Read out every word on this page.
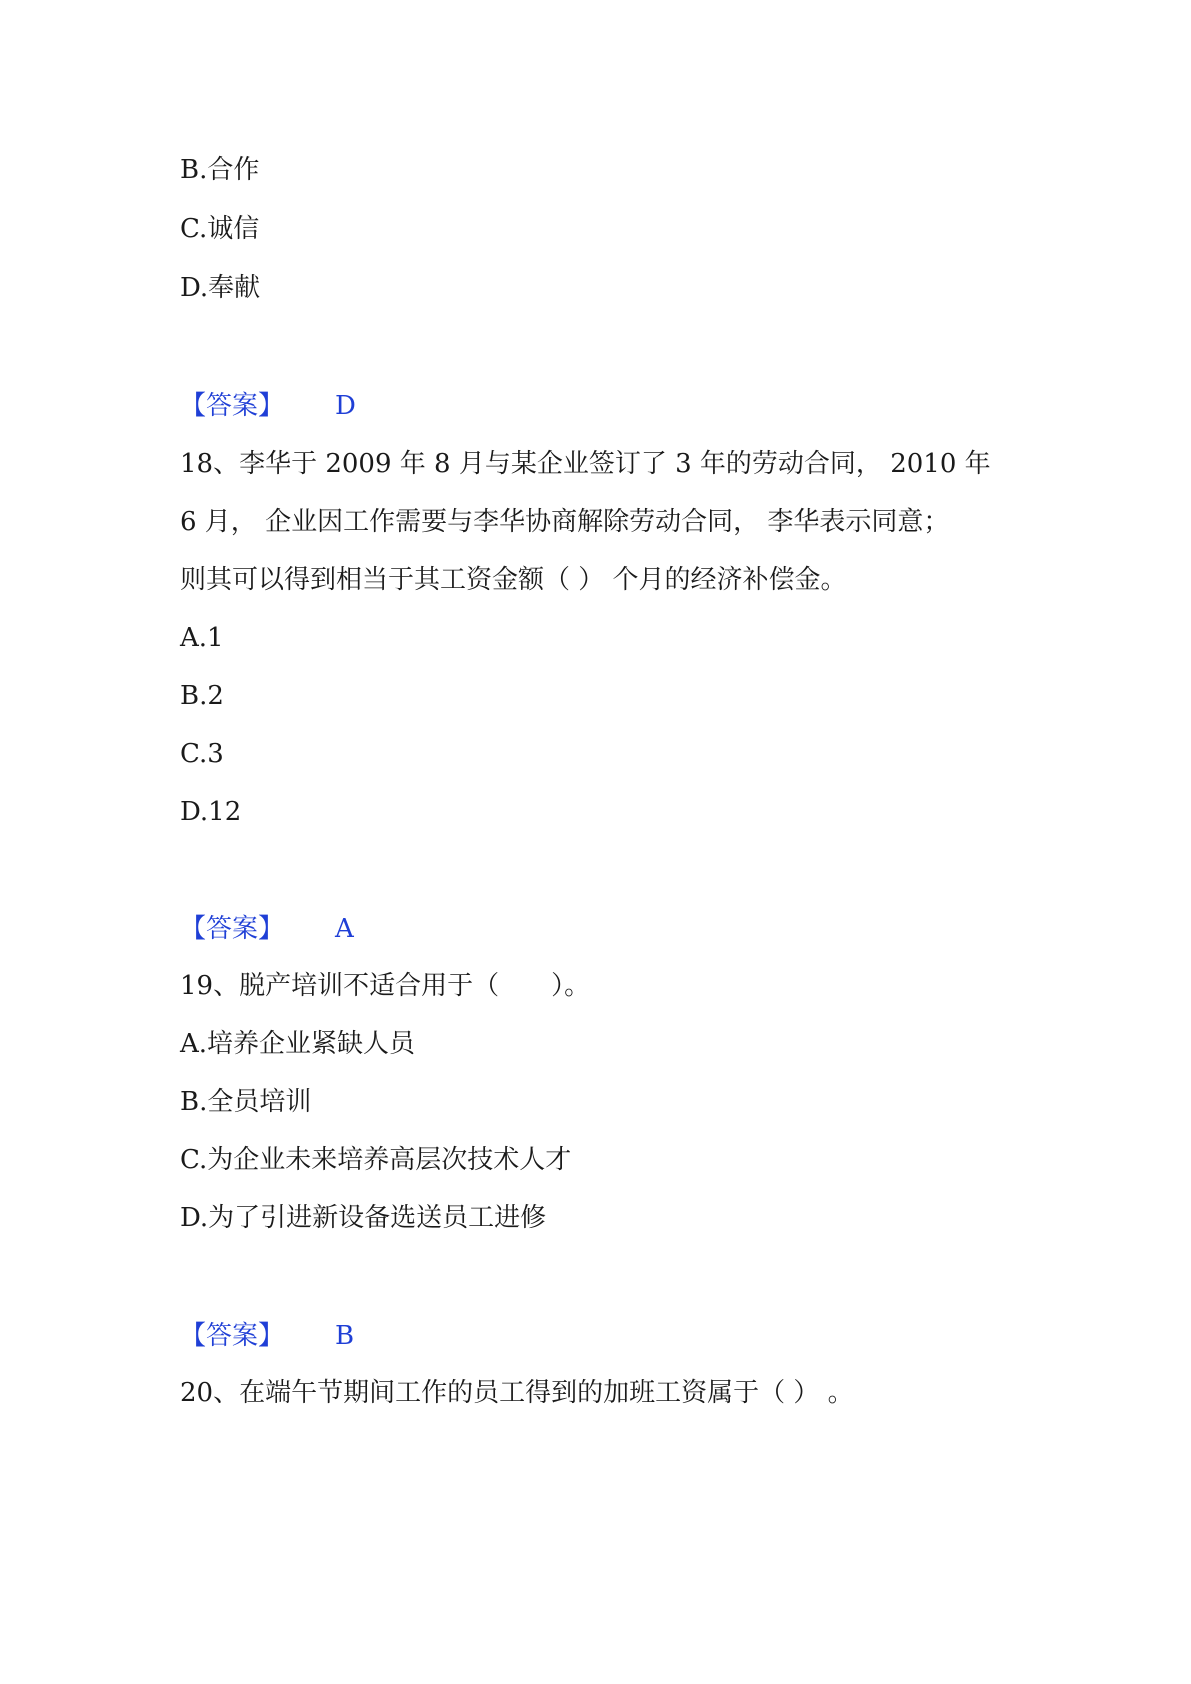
B.合作
C.诚信
D.奉献
【答案】 D
18、李华于 2009 年 8 月与某企业签订了 3 年的劳动合同， 2010 年
6 月， 企业因工作需要与李华协商解除劳动合同， 李华表示同意；
则其可以得到相当于其工资金额（ ） 个月的经济补偿金。
A.1
B.2
C.3
D.12
【答案】 A
19、脱产培训不适合用于（　　）。
A.培养企业紧缺人员
B.全员培训
C.为企业未来培养高层次技术人才
D.为了引进新设备选送员工进修
【答案】 B
20、在端午节期间工作的员工得到的加班工资属于（ ） 。
